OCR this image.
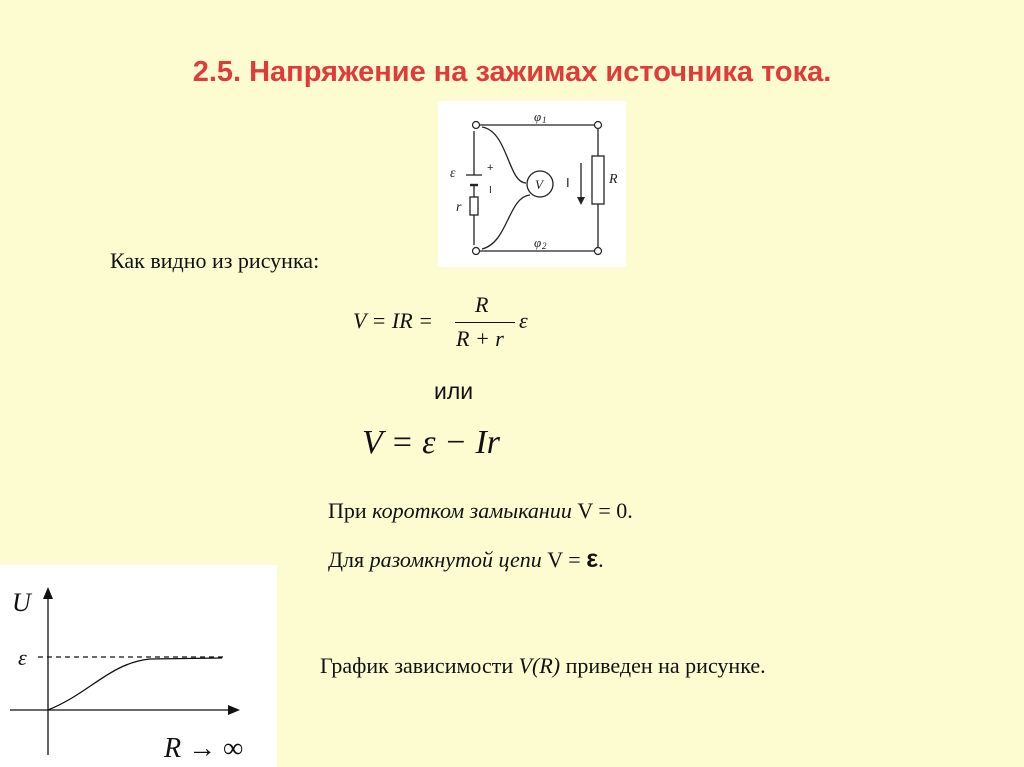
2.5. Напряжение на зажимах источника тока.
φ 1
φ 2
ε
r
V	R
+
I
I
Как видно из рисунка:
V = IR =
R
R + r
ε
или
V = ε − Ir
При коротком замыкании V = 0.
Для разомкнутой цепи V = ε.
U
ε
R → ∞
График зависимости V(R) приведен на рисунке.
